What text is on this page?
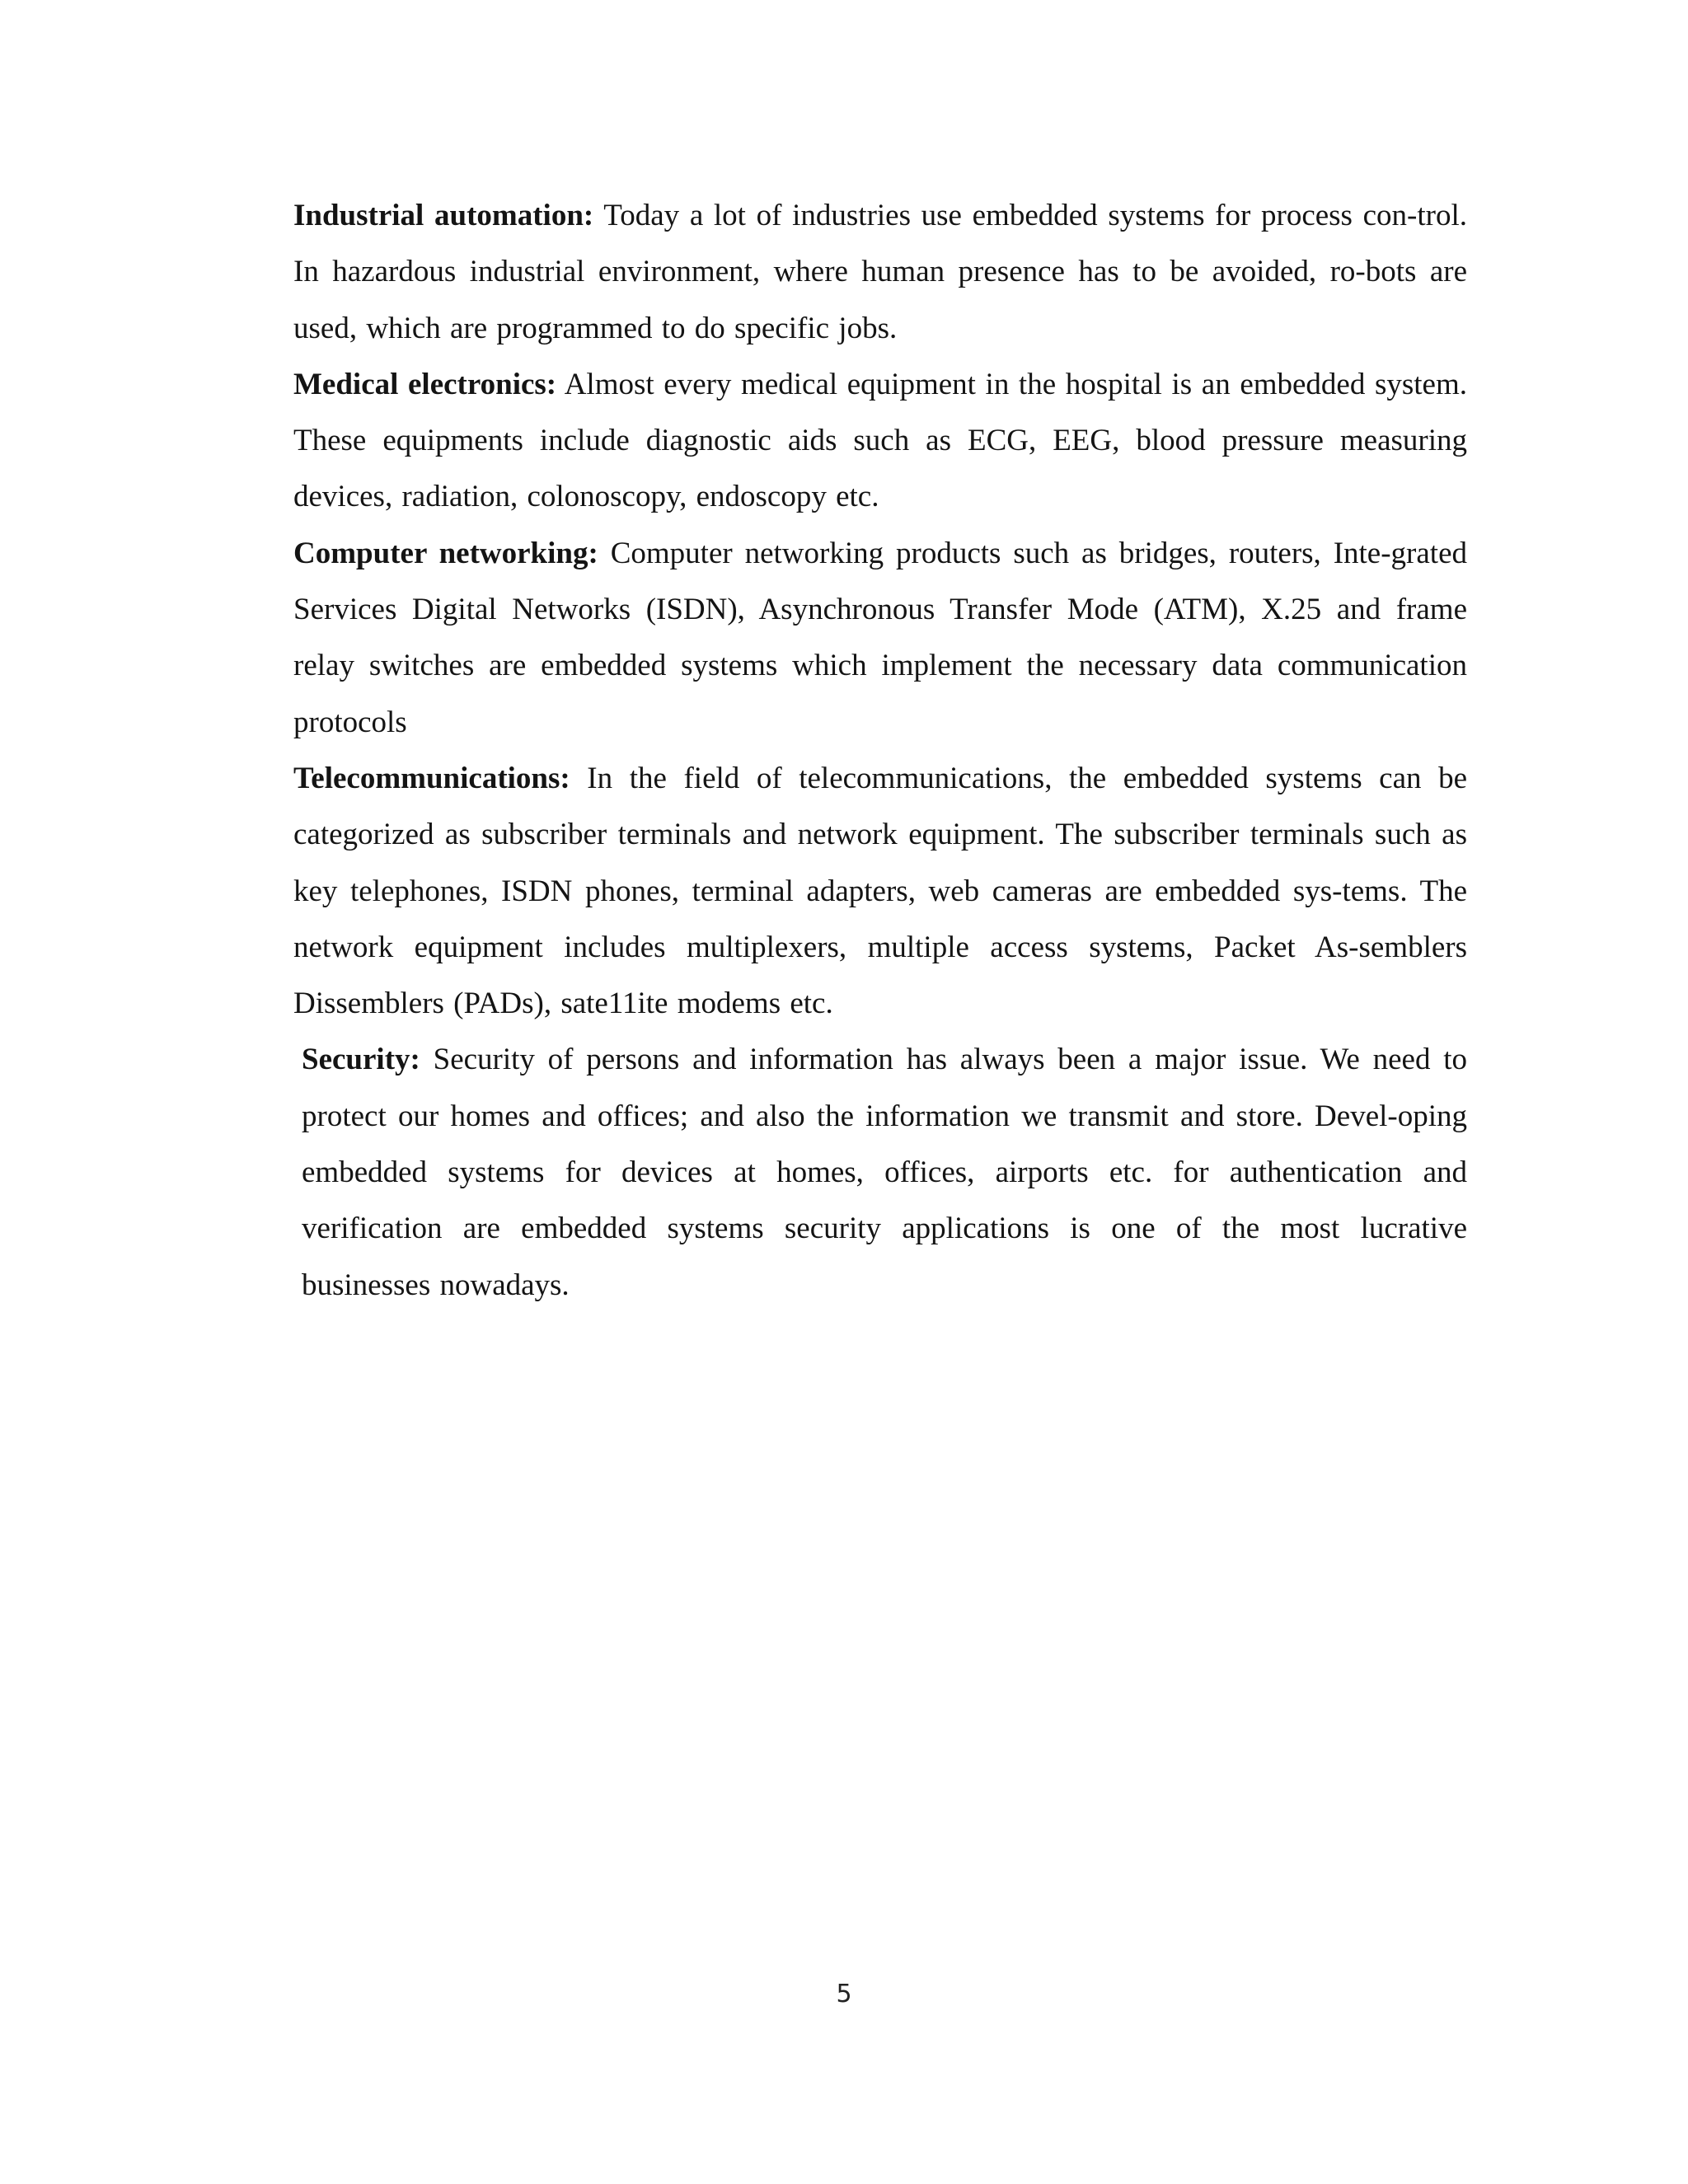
Industrial automation: Today a lot of industries use embedded systems for process con-trol. In hazardous industrial environment, where human presence has to be avoided, ro-bots are used, which are programmed to do specific jobs.

Medical electronics: Almost every medical equipment in the hospital is an embedded system. These equipments include diagnostic aids such as ECG, EEG, blood pressure measuring devices, radiation, colonoscopy, endoscopy etc.

Computer networking: Computer networking products such as bridges, routers, Inte-grated Services Digital Networks (ISDN), Asynchronous Transfer Mode (ATM), X.25 and frame relay switches are embedded systems which implement the necessary data communication protocols

Telecommunications: In the field of telecommunications, the embedded systems can be categorized as subscriber terminals and network equipment. The subscriber terminals such as key telephones, ISDN phones, terminal adapters, web cameras are embedded sys-tems. The network equipment includes multiplexers, multiple access systems, Packet As-semblers Dissemblers (PADs), sate11ite modems etc.

Security: Security of persons and information has always been a major issue. We need to protect our homes and offices; and also the information we transmit and store. Devel-oping embedded systems for devices at homes, offices, airports etc. for authentication and verification are embedded systems security applications is one of the most lucrative businesses nowadays.

5
